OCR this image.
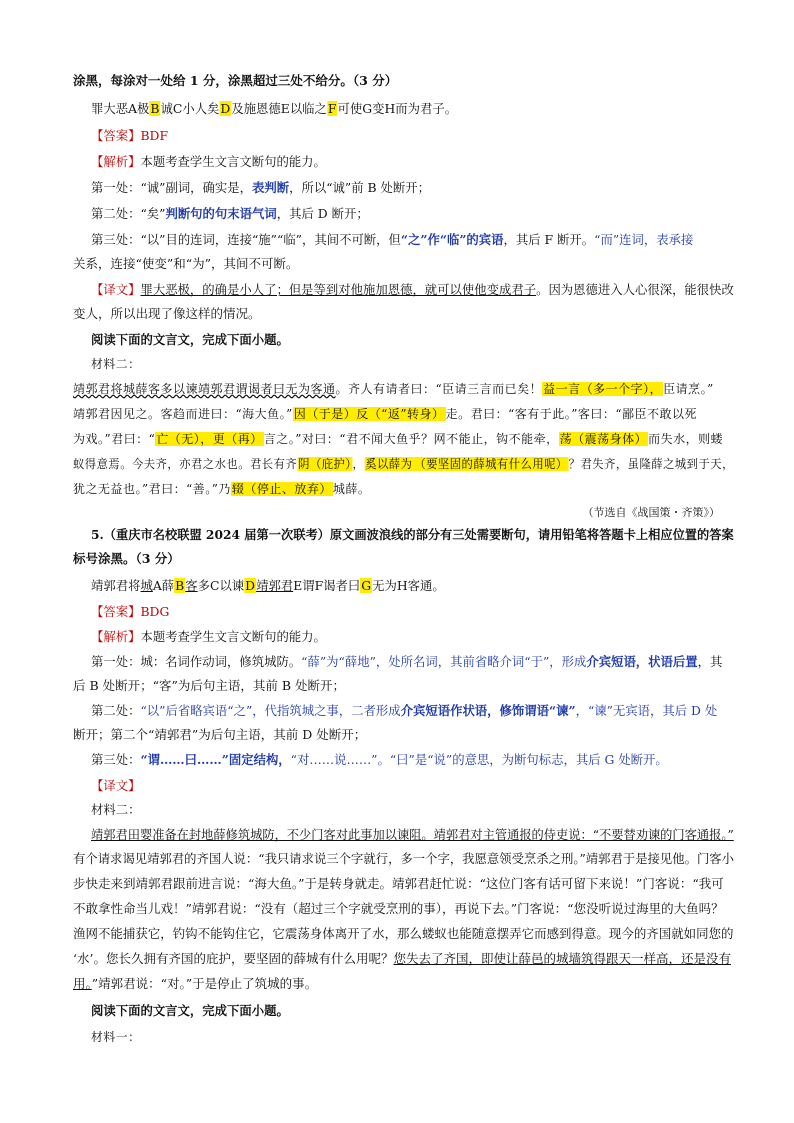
涂黑，每涂对一处给 1 分，涂黑超过三处不给分。（3 分）
罪大恶A极B诚C小人矣D及施恩德E以临之F可使G变H而为君子。
【答案】BDF
【解析】本题考查学生文言文断句的能力。
第一处：“诚”副词，确实是，表判断，所以“诚”前 B 处断开；
第二处：“矣”判断句的句末语气词，其后 D 断开；
第三处：“以”目的连词，连接“施”“临”，其间不可断，但“之”作“临”的宾语，其后 F 断开。“而”连词，表承接
关系，连接“使变”和“为”，其间不可断。
【译文】罪大恶极，的确是小人了；但是等到对他施加恩德，就可以使他变成君子。因为恩德进入人心很深，能很快改
变人，所以出现了像这样的情况。
阅读下面的文言文，完成下面小题。
材料二：
靖郭君将城薛客多以谏靖郭君谓谒者曰无为客通。齐人有请者曰：“臣请三言而已矣！益一言（多一个字），臣请烹。”
靖郭君因见之。客趋而进曰：“海大鱼。”因（于是）反（“返”转身）走。君曰：“客有于此。”客曰：“鄙臣不敢以死
为戏。”君曰：“亡（无），更（再）言之。”对曰：“君不闻大鱼乎？网不能止，钩不能牵，荡（震荡身体）而失水，则蝼
蚁得意焉。今夫齐，亦君之水也。君长有齐阴（庇护），奚以薛为 （要坚固的薛城有什么用呢）？君失齐，虽隆薛之城到于天，
犹之无益也。”君曰：“善。”乃辍（停止、放弃）城薛。
（节选自《战国策・齐策》）
5.（重庆市名校联盟 2024 届第一次联考）原文画波浪线的部分有三处需要断句，请用铅笔将答题卡上相应位置的答案
标号涂黑。（3 分）
靖郭君将城A薛B客多C以谏D靖郭君E谓F谒者曰G无为H客通。
【答案】BDG
【解析】本题考查学生文言文断句的能力。
第一处：城：名词作动词，修筑城防。“薛”为“薛地”，处所名词，其前省略介词“于”，形成介宾短语，状语后置，其
后 B 处断开；“客”为后句主语，其前 B 处断开；
第二处：“以”后省略宾语“之”，代指筑城之事，二者形成介宾短语作状语，修饰谓语“谏”，“谏”无宾语，其后 D 处
断开；第二个“靖郭君”为后句主语，其前 D 处断开；
第三处：“谓……曰……”固定结构，“对……说……”。“曰”是“说”的意思，为断句标志，其后 G 处断开。
【译文】
材料二：
靖郭君田婴准备在封地薛修筑城防，不少门客对此事加以谏阻。靖郭君对主管通报的侍吏说：“不要替劝谏的门客通报。”
有个请求谒见靖郭君的齐国人说：“我只请求说三个字就行，多一个字，我愿意领受烹杀之刑。”靖郭君于是接见他。门客小
步快走来到靖郭君跟前进言说：“海大鱼。”于是转身就走。靖郭君赶忙说：“这位门客有话可留下来说！”门客说：“我可
不敢拿性命当儿戏！”靖郭君说：“没有（超过三个字就受烹刑的事），再说下去。”门客说：“您没听说过海里的大鱼吗？
渔网不能捕获它，钓钩不能钩住它，它震荡身体离开了水，那么蝼蚁也能随意摆弄它而感到得意。现今的齐国就如同您的
‘水’。您长久拥有齐国的庇护，要坚固的薛城有什么用呢？您失去了齐国，即使让薛邑的城墙筑得跟天一样高，还是没有
用。”靖郭君说：“对。”于是停止了筑城的事。
阅读下面的文言文，完成下面小题。
材料一：
